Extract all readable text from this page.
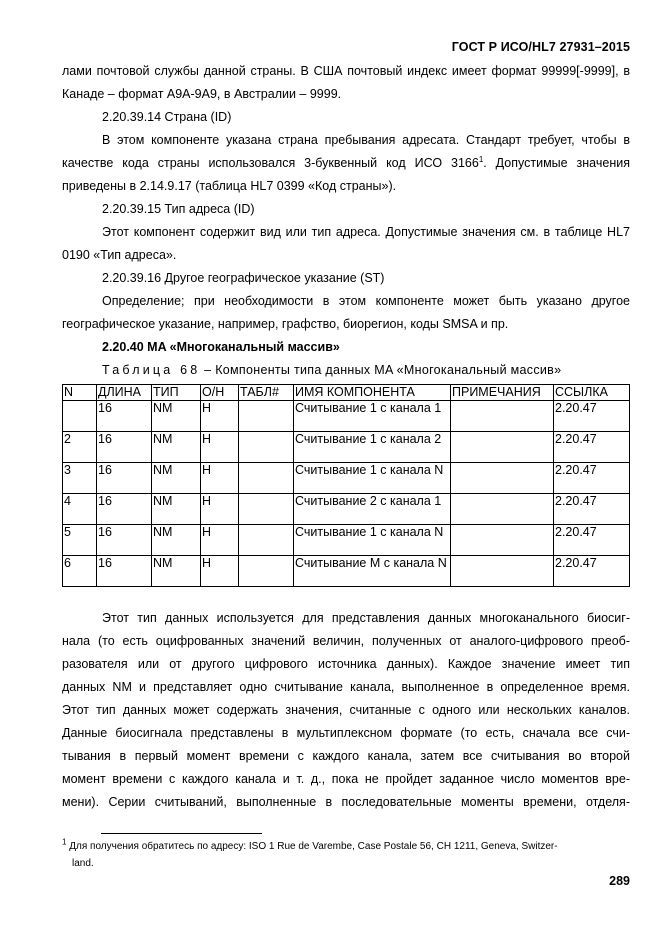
ГОСТ Р ИСО/HL7 27931–2015

лами почтовой службы данной страны. В США почтовый индекс имеет формат 99999[-9999], в Канаде – формат A9A-9A9, в Австралии – 9999.

2.20.39.14 Страна (ID)

В этом компоненте указана страна пребывания адресата. Стандарт требует, чтобы в качестве кода страны использовался 3-буквенный код ИСО 3166$^1$. Допустимые значения приведены в 2.14.9.17 (таблица HL7 0399 «Код страны»).

2.20.39.15 Тип адреса (ID)

Этот компонент содержит вид или тип адреса. Допустимые значения см. в таблице HL7 0190 «Тип адреса».

2.20.39.16 Другое географическое указание (ST)

Определение; при необходимости в этом компоненте может быть указано другое географическое указание, например, графство, биорегион, коды SMSA и пр.

2.20.40 MA «Многоканальный массив»

Таблица 68 – Компоненты типа данных MA «Многоканальный массив»

N	ДЛИНА	ТИП	О/Н	ТАБЛ#	ИМЯ КОМПОНЕНТА	ПРИМЕЧАНИЯ	ССЫЛКА
	16	NM	Н		Считывание 1 с канала 1		2.20.47
2	16	NM	Н		Считывание 1 с канала 2		2.20.47
3	16	NM	Н		Считывание 1 с канала N		2.20.47
4	16	NM	Н		Считывание 2 с канала 1		2.20.47
5	16	NM	Н		Считывание 1 с канала N		2.20.47
6	16	NM	Н		Считывание M с канала N		2.20.47

Этот тип данных используется для представления данных многоканального биосиг-

нала (то есть оцифрованных значений величин, полученных от аналого-цифрового преоб-

разователя или от другого цифрового источника данных). Каждое значение имеет тип

данных NM и представляет одно считывание канала, выполненное в определенное время.

Этот тип данных может содержать значения, считанные с одного или нескольких каналов.

Данные биосигнала представлены в мультиплексном формате (то есть, сначала все счи-

тывания в первый момент времени с каждого канала, затем все считывания во второй

момент времени с каждого канала и т. д., пока не пройдет заданное число моментов вре-

мени). Серии считываний, выполненные в последовательные моменты времени, отделя-

$^1$ Для получения обратитесь по адресу: ISO 1 Rue de Varembe, Case Postale 56, CH 1211, Geneva, Switzer-

land.

289
